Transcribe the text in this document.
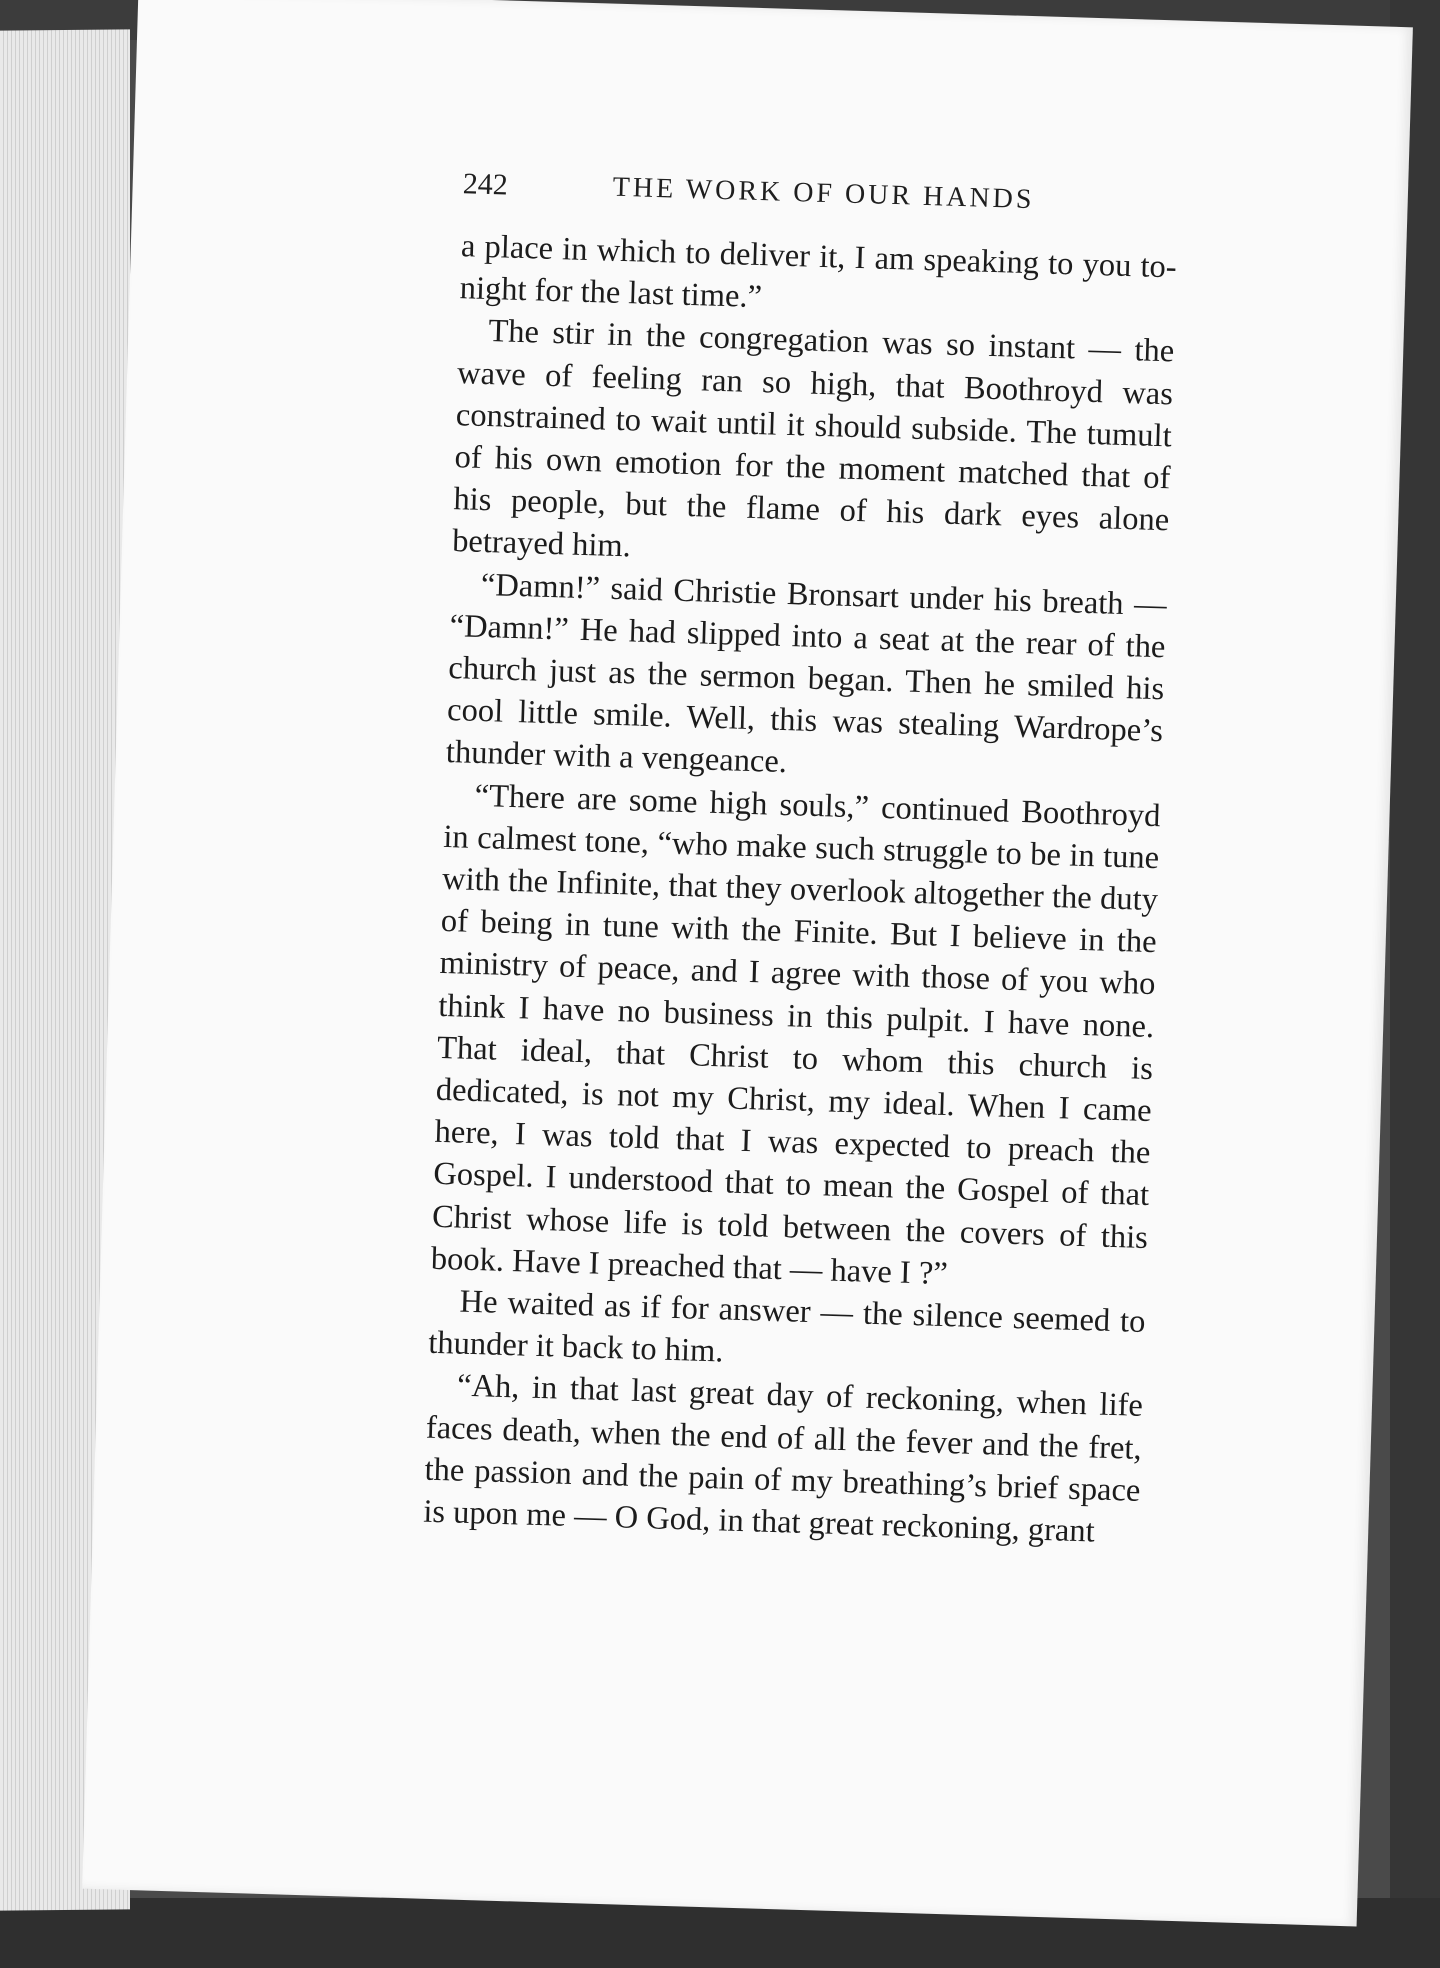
242	THE WORK OF OUR HANDS

a place in which to deliver it, I am speaking to you to-night for the last time.”

The stir in the congregation was so instant — the wave of feeling ran so high, that Boothroyd was constrained to wait until it should subside. The tumult of his own emotion for the moment matched that of his people, but the flame of his dark eyes alone betrayed him.

“Damn!” said Christie Bronsart under his breath — “Damn!” He had slipped into a seat at the rear of the church just as the sermon began. Then he smiled his cool little smile. Well, this was stealing Wardrope’s thunder with a vengeance.

“There are some high souls,” continued Boothroyd in calmest tone, “who make such struggle to be in tune with the Infinite, that they overlook altogether the duty of being in tune with the Finite. But I believe in the ministry of peace, and I agree with those of you who think I have no business in this pulpit. I have none. That ideal, that Christ to whom this church is dedicated, is not my Christ, my ideal. When I came here, I was told that I was expected to preach the Gospel. I understood that to mean the Gospel of that Christ whose life is told between the covers of this book. Have I preached that — have I ?”

He waited as if for answer — the silence seemed to thunder it back to him.

“Ah, in that last great day of reckoning, when life faces death, when the end of all the fever and the fret, the passion and the pain of my breathing’s brief space is upon me — O God, in that great reckoning, grant
